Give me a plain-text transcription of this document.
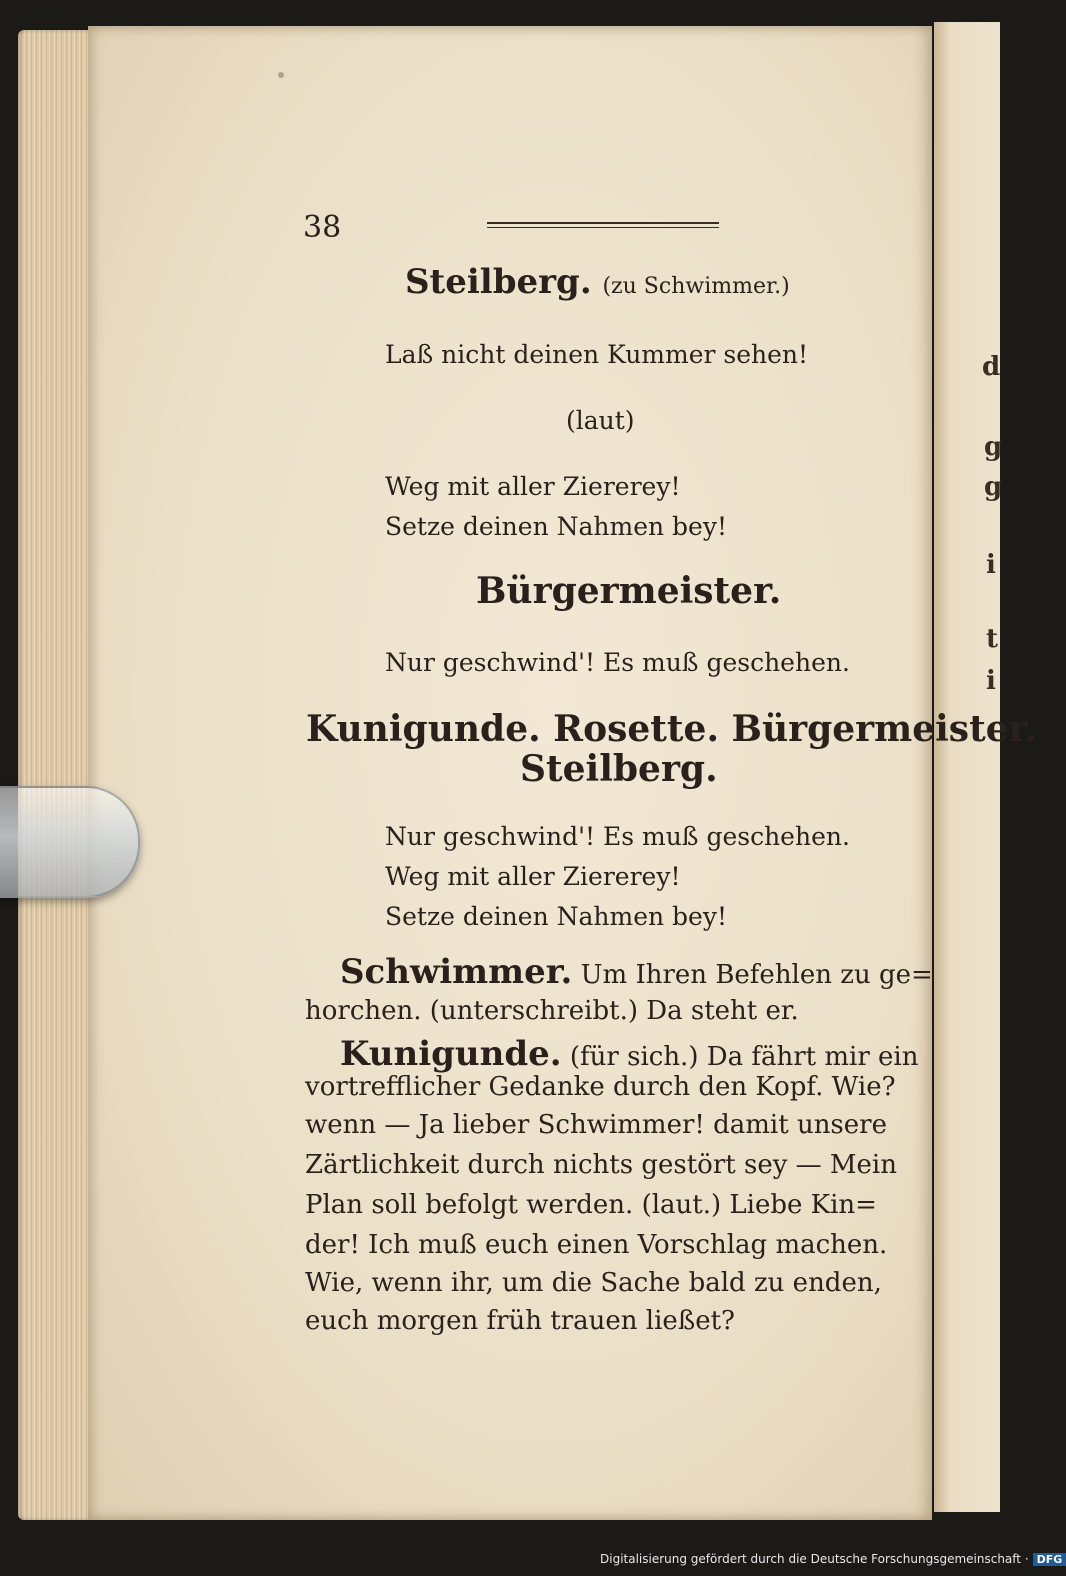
d
g
g
i
t
i
38
Steilberg. (zu Schwimmer.)
Laß nicht deinen Kummer sehen!
(laut)
Weg mit aller Ziererey!
Setze deinen Nahmen bey!
Bürgermeister.
Nur geschwind'! Es muß geschehen.
Kunigunde. Rosette. Bürgermeister.
Steilberg.
Nur geschwind'! Es muß geschehen.
Weg mit aller Ziererey!
Setze deinen Nahmen bey!
Schwimmer. Um Ihren Befehlen zu ge=
horchen. (unterschreibt.) Da steht er.
Kunigunde. (für sich.) Da fährt mir ein
vortrefflicher Gedanke durch den Kopf. Wie?
wenn — Ja lieber Schwimmer! damit unsere
Zärtlichkeit durch nichts gestört sey — Mein
Plan soll befolgt werden. (laut.) Liebe Kin=
der! Ich muß euch einen Vorschlag machen.
Wie, wenn ihr, um die Sache bald zu enden,
euch morgen früh trauen ließet?
Digitalisierung gefördert durch die Deutsche Forschungsgemeinschaft · DFG
